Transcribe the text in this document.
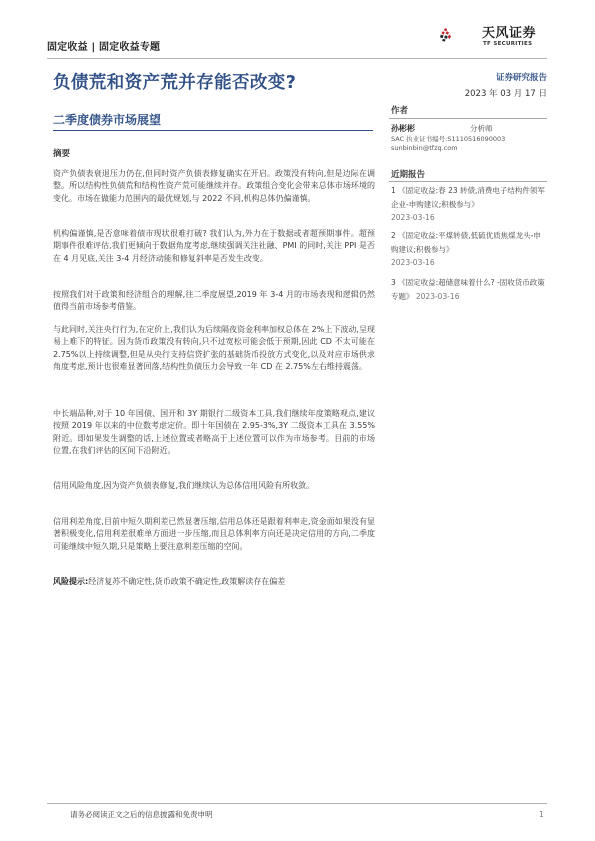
固定收益 | 固定收益专题
天风证券
TF SECURITIES
负债荒和资产荒并存能否改变?	证券研究报告
2023 年 03 月 17 日
二季度债券市场展望
作者
孙彬彬	分析师
SAC 执业证书编号:S1110516090003
sunbinbin@tfzq.com
近期报告
1 《固定收益:春 23 转债,消费电子结构件领军企业-申购建议;积极参与》
2023-03-16
2 《固定收益:平煤转债,低硫优质焦煤龙头-申购建议;积极参与》
2023-03-16
3 《固定收益:超储意味着什么? -固收货币政策专题》 2023-03-16
摘要
资产负债表衰退压力仍在,但同时资产负债表修复确实在开启。政策没有转向,但是边际在调整。所以结构性负债荒和结构性资产荒可能继续并存。政策组合变化会带来总体市场环境的变化。市场在做能力范围内的最优规划,与 2022 不同,机构总体仍偏谨慎。
机构偏谨慎,是否意味着债市现状很难打破? 我们认为,外力在于数据或者超预期事件。超预期事件很难评估,我们更倾向于数据角度考虑,继续强调关注社融、PMI 的同时,关注 PPI 是否在 4 月见底,关注 3-4 月经济动能和修复斜率是否发生改变。
按照我们对于政策和经济组合的理解,往二季度展望,2019 年 3-4 月的市场表现和逻辑仍然值得当前市场参考借鉴。
与此同时,关注央行行为,在定价上,我们认为后续隔夜资金利率加权总体在 2%上下波动,呈现易上难下的特征。因为货币政策没有转向,只不过宽松可能会低于预期,因此 CD 不太可能在 2.75%以上持续调整,但是从央行支持信贷扩张的基础货币投放方式变化,以及对应市场供求角度考虑,预计也很难显著回落,结构性负债压力会导致一年 CD 在 2.75%左右维持震荡。
中长端品种,对于 10 年国债、国开和 3Y 期银行二级资本工具,我们继续年度策略观点,建议按照 2019 年以来的中位数考虑定价。即十年国债在 2.95-3%,3Y 二级资本工具在 3.55%附近。即如果发生调整的话,上述位置或者略高于上述位置可以作为市场参考。目前的市场位置,在我们评估的区间下沿附近。
信用风险角度,因为资产负债表修复,我们继续认为总体信用风险有所收敛。
信用利差角度,目前中短久期利差已然显著压缩,信用总体还是跟着利率走,资金面如果没有显著积极变化,信用利差很难单方面进一步压缩,而且总体利率方向还是决定信用的方向,二季度可能继续中短久期,只是策略上要注意利差压缩的空间。
风险提示:经济复苏不确定性,货币政策不确定性,政策解读存在偏差
请务必阅读正文之后的信息披露和免责申明	1
